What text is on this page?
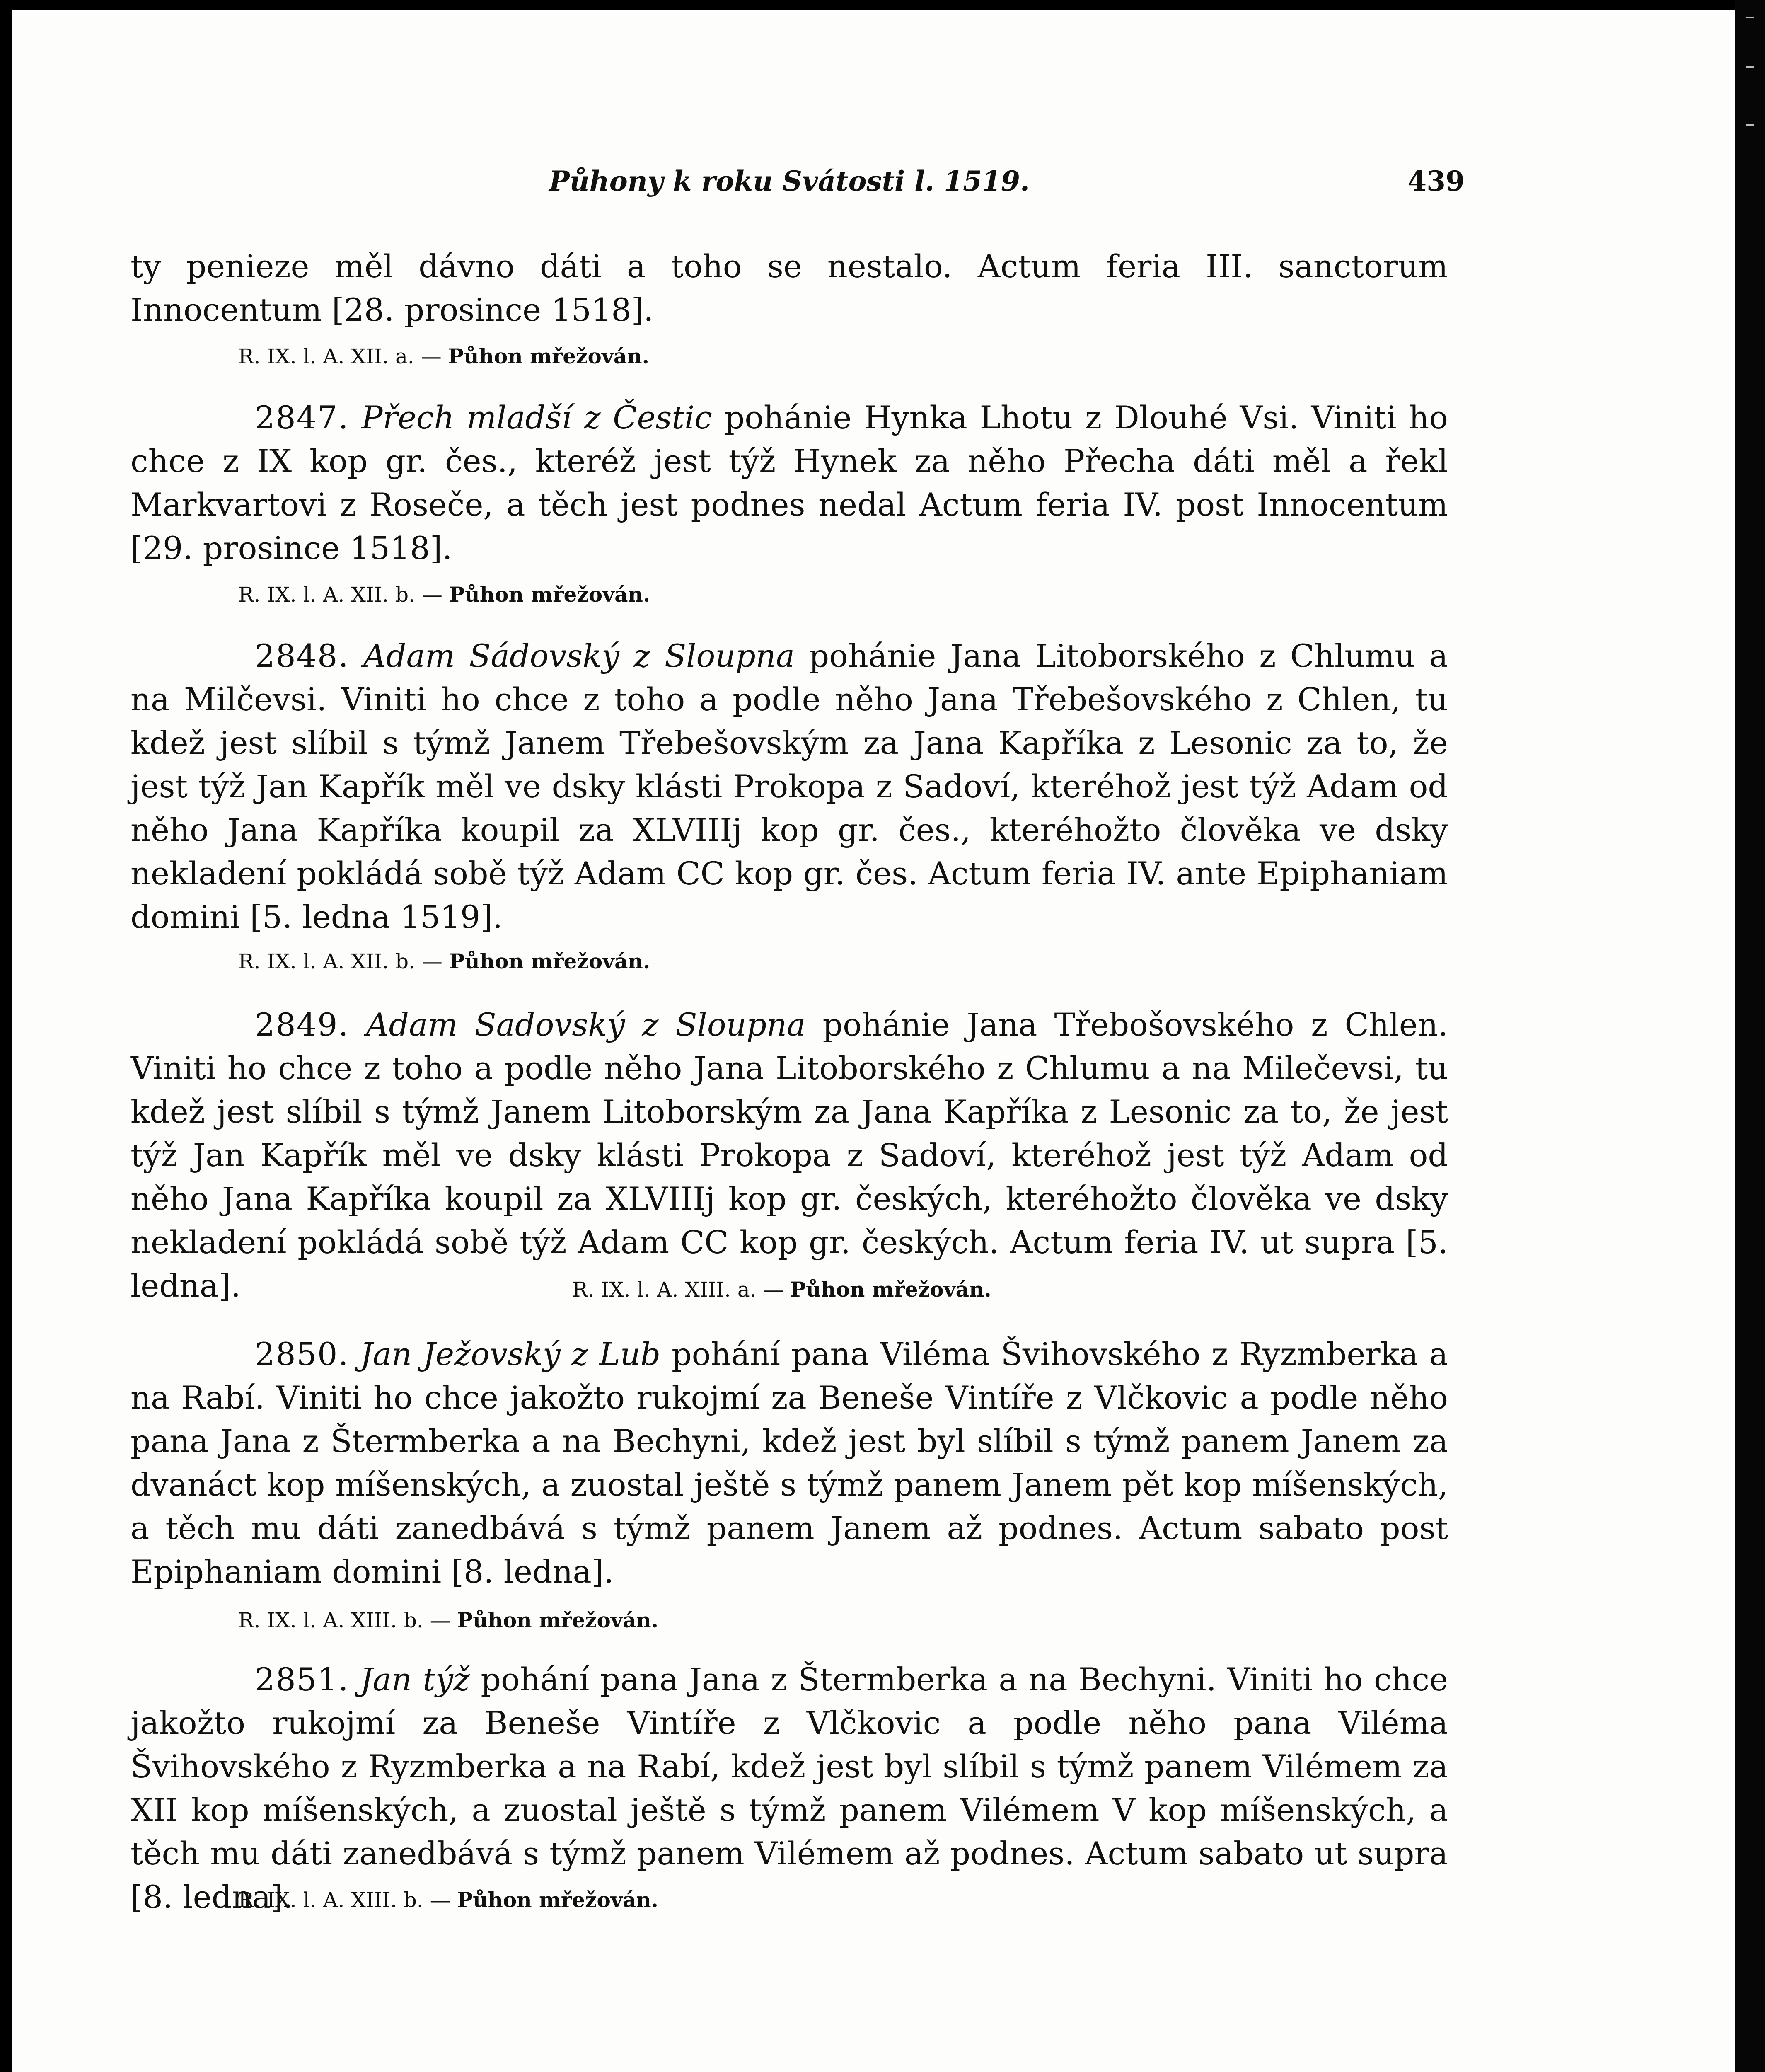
Půhony k roku Svátosti l. 1519.	439

ty penieze měl dávno dáti a toho se nestalo. Actum feria III. sanctorum Innocentum [28. prosince 1518].

R. IX. l. A. XII. a. — Půhon mřežován.

2847. Přech mladší z Čestic pohánie Hynka Lhotu z Dlouhé Vsi. Viniti ho chce z IX kop gr. čes., kteréž jest týž Hynek za něho Přecha dáti měl a řekl Markvartovi z Roseče, a těch jest podnes nedal Actum feria IV. post Innocentum [29. prosince 1518].

R. IX. l. A. XII. b. — Půhon mřežován.

2848. Adam Sádovský z Sloupna pohánie Jana Litoborského z Chlumu a na Milčevsi. Viniti ho chce z toho a podle něho Jana Třebešovského z Chlen, tu kdež jest slíbil s týmž Janem Třebešovským za Jana Kapříka z Lesonic za to, že jest týž Jan Kapřík měl ve dsky klásti Prokopa z Sadoví, kteréhož jest týž Adam od něho Jana Kapříka koupil za XLVIIIj kop gr. čes., kteréhožto člověka ve dsky nekladení pokládá sobě týž Adam CC kop gr. čes. Actum feria IV. ante Epiphaniam domini [5. ledna 1519].

R. IX. l. A. XII. b. — Půhon mřežován.

2849. Adam Sadovský z Sloupna pohánie Jana Třebošovského z Chlen. Viniti ho chce z toho a podle něho Jana Litoborského z Chlumu a na Milečevsi, tu kdež jest slíbil s týmž Janem Litoborským za Jana Kapříka z Lesonic za to, že jest týž Jan Kapřík měl ve dsky klásti Prokopa z Sadoví, kteréhož jest týž Adam od něho Jana Kapříka koupil za XLVIIIj kop gr. českých, kteréhožto člověka ve dsky nekladení pokládá sobě týž Adam CC kop gr. českých. Actum feria IV. ut supra [5. ledna].	R. IX. l. A. XIII. a. — Půhon mřežován.

2850. Jan Ježovský z Lub pohání pana Viléma Švihovského z Ryzmberka a na Rabí. Viniti ho chce jakožto rukojmí za Beneše Vintíře z Vlčkovic a podle něho pana Jana z Štermberka a na Bechyni, kdež jest byl slíbil s týmž panem Janem za dvanáct kop míšenských, a zuostal ještě s týmž panem Janem pět kop míšenských, a těch mu dáti zanedbává s týmž panem Janem až podnes. Actum sabato post Epiphaniam domini [8. ledna].

R. IX. l. A. XIII. b. — Půhon mřežován.

2851. Jan týž pohání pana Jana z Štermberka a na Bechyni. Viniti ho chce jakožto rukojmí za Beneše Vintíře z Vlčkovic a podle něho pana Viléma Švihovského z Ryzmberka a na Rabí, kdež jest byl slíbil s týmž panem Vilémem za XII kop míšenských, a zuostal ještě s týmž panem Vilémem V kop míšenských, a těch mu dáti zanedbává s týmž panem Vilémem až podnes. Actum sabato ut supra [8. ledna].

R. IX. l. A. XIII. b. — Půhon mřežován.
